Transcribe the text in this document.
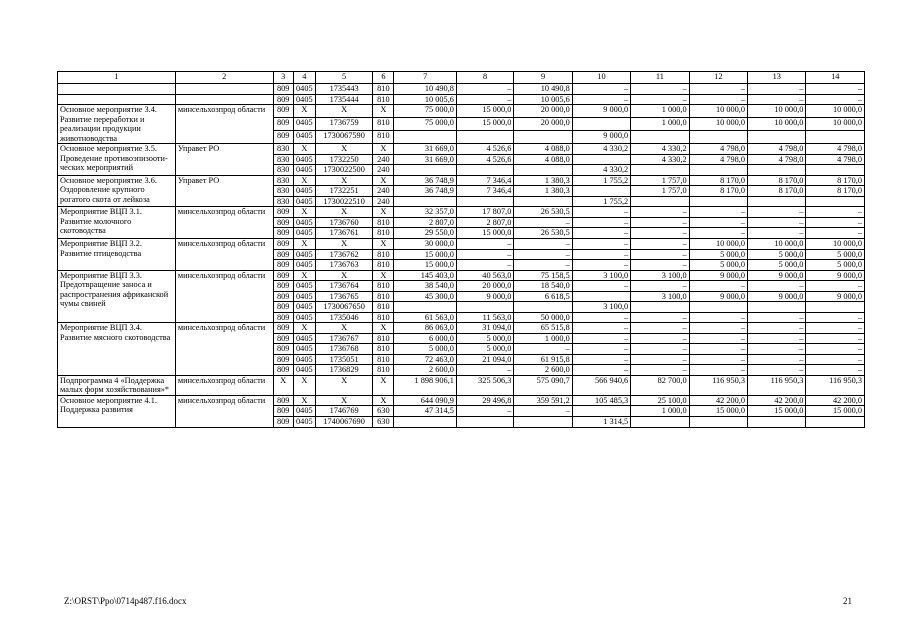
1	2	3	4	5	6	7	8	9	10	11	12	13	14
		809	0405	1735443	810	10 490,8	–	10 490,8	–	–	–	–	–
		809	0405	1735444	810	10 005,6	–	10 005,6	–	–	–	–	–
Основное мероприятие 3.4. Развитие переработки и реализации продукции животноводства	минсельхозпрод области	809	Х	Х	Х	75 000,0	15 000,0	20 000,0	9 000,0	1 000,0	10 000,0	10 000,0	10 000,0
		809	0405	1736759	810	75 000,0	15 000,0	20 000,0		1 000,0	10 000,0	10 000,0	10 000,0
		809	0405	1730067590	810				9 000,0				
Основное мероприятие 3.5. Проведение противоэпизооти-ческих мероприятий	Управет РО	830	Х	Х	Х	31 669,0	4 526,6	4 088,0	4 330,2	4 330,2	4 798,0	4 798,0	4 798,0
		830	0405	1732250	240	31 669,0	4 526,6	4 088,0		4 330,2	4 798,0	4 798,0	4 798,0
		830	0405	1730022500	240				4 330,2				
Основное мероприятие 3.6. Оздоровление крупного рогатого скота от лейкоза	Управет РО	830	Х	Х	Х	36 748,9	7 346,4	1 380,3	1 755,2	1 757,0	8 170,0	8 170,0	8 170,0
		830	0405	1732251	240	36 748,9	7 346,4	1 380,3		1 757,0	8 170,0	8 170,0	8 170,0
		830	0405	1730022510	240				1 755,2				
Мероприятие ВЦП 3.1. Развитие молочного скотоводства	минсельхозпрод области	809	Х	Х	Х	32 357,0	17 807,0	26 530,5	–	–	–	–	–
		809	0405	1736760	810	2 807,0	2 807,0	–	–	–	–	–	–
		809	0405	1736761	810	29 550,0	15 000,0	26 530,5	–	–	–	–	–
Мероприятие ВЦП 3.2. Развитие птицеводства	минсельхозпрод области	809	Х	Х	Х	30 000,0	–	–	–	–	10 000,0	10 000,0	10 000,0
		809	0405	1736762	810	15 000,0	–	–	–	–	5 000,0	5 000,0	5 000,0
		809	0405	1736763	810	15 000,0	–	–	–	–	5 000,0	5 000,0	5 000,0
Мероприятие ВЦП 3.3. Предотвращение заноса и распространения африканской чумы свиней	минсельхозпрод области	809	Х	Х	Х	145 403,0	40 563,0	75 158,5	3 100,0	3 100,0	9 000,0	9 000,0	9 000,0
		809	0405	1736764	810	38 540,0	20 000,0	18 540,0	–	–	–	–	–
		809	0405	1736765	810	45 300,0	9 000,0	6 618,5		3 100,0	9 000,0	9 000,0	9 000,0
		809	0405	1730067650	810				3 100,0				
		809	0405	1735046	810	61 563,0	11 563,0	50 000,0	–	–	–	–	–
Мероприятие ВЦП 3.4. Развитие мясного скотоводства	минсельхозпрод области	809	Х	Х	Х	86 063,0	31 094,0	65 515,8	–	–	–	–	–
		809	0405	1736767	810	6 000,0	5 000,0	1 000,0	–	–	–	–	–
		809	0405	1736768	810	5 000,0	5 000,0	–	–	–	–	–	–
		809	0405	1735051	810	72 463,0	21 094,0	61 915,8	–	–	–	–	–
		809	0405	1736829	810	2 600,0	–	2 600,0	–	–	–	–	–
Подпрограмма 4 «Поддержка малых форм хозяйствования»*	минсельхозпрод области	Х	Х	Х	Х	1 898 906,1	325 506,3	575 090,7	566 940,6	82 700,0	116 950,3	116 950,3	116 950,3
Основное мероприятие 4.1. Поддержка развития	минсельхозпрод области	809	Х	Х	Х	644 090,9	29 496,8	359 591,2	105 485,3	25 100,0	42 200,0	42 200,0	42 200,0
		809	0405	1746769	630	47 314,5	–	–		1 000,0	15 000,0	15 000,0	15 000,0
		809	0405	1740067690	630				1 314,5				
Z:\ORST\Ppo\0714p487.f16.docx	21
